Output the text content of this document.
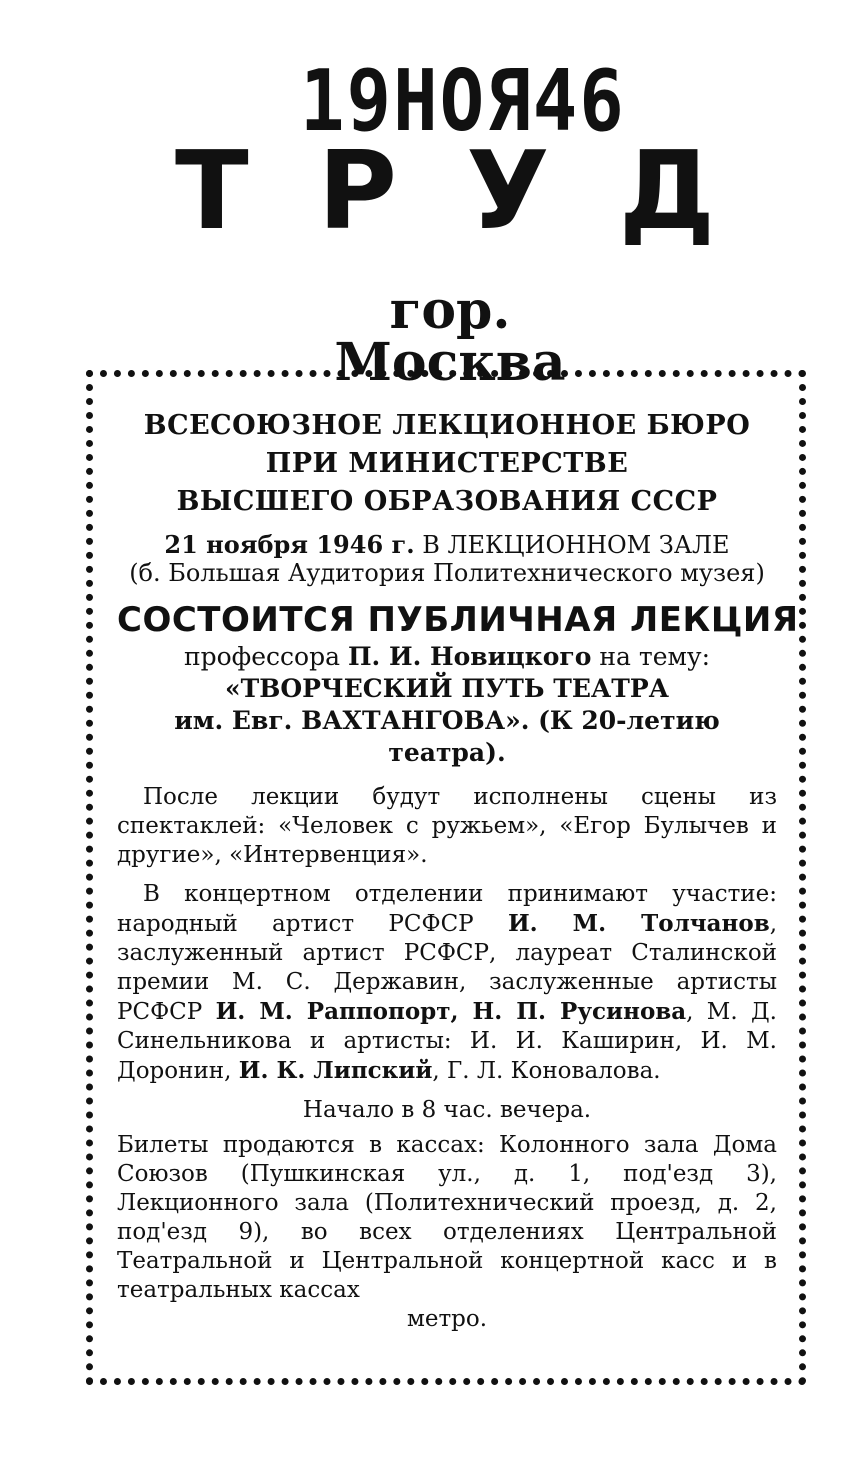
19НОЯ46
Т Р У Д
гор. Москва
ВСЕСОЮЗНОЕ ЛЕКЦИОННОЕ БЮРО
ПРИ МИНИСТЕРСТВЕ
ВЫСШЕГО ОБРАЗОВАНИЯ СССР
21 ноября 1946 г. В ЛЕКЦИОННОМ ЗАЛЕ
(б. Большая Аудитория Политехнического музея)
СОСТОИТСЯ ПУБЛИЧНАЯ ЛЕКЦИЯ
профессора П. И. Новицкого на тему:
«ТВОРЧЕСКИЙ ПУТЬ ТЕАТРА
им. Евг. ВАХТАНГОВА». (К 20-летию театра).

После лекции будут исполнены сцены из спектаклей: «Человек с ружьем», «Егор Булычев и другие», «Интервенция».

В концертном отделении принимают участие: народный артист РСФСР И. М. Толчанов, заслуженный артист РСФСР, лауреат Сталинской премии М. С. Державин, заслуженные артисты РСФСР И. М. Раппопорт, Н. П. Русинова, М. Д. Синельникова и артисты: И. И. Каширин, И. М. Доронин, И. К. Липский, Г. Л. Коновалова.

Начало в 8 час. вечера.

Билеты продаются в кассах: Колонного зала Дома Союзов (Пушкинская ул., д. 1, под'езд 3), Лекционного зала (Политехнический проезд, д. 2, под'езд 9), во всех отделениях Центральной Театральной и Центральной концертной касс и в театральных кассах
метро.
